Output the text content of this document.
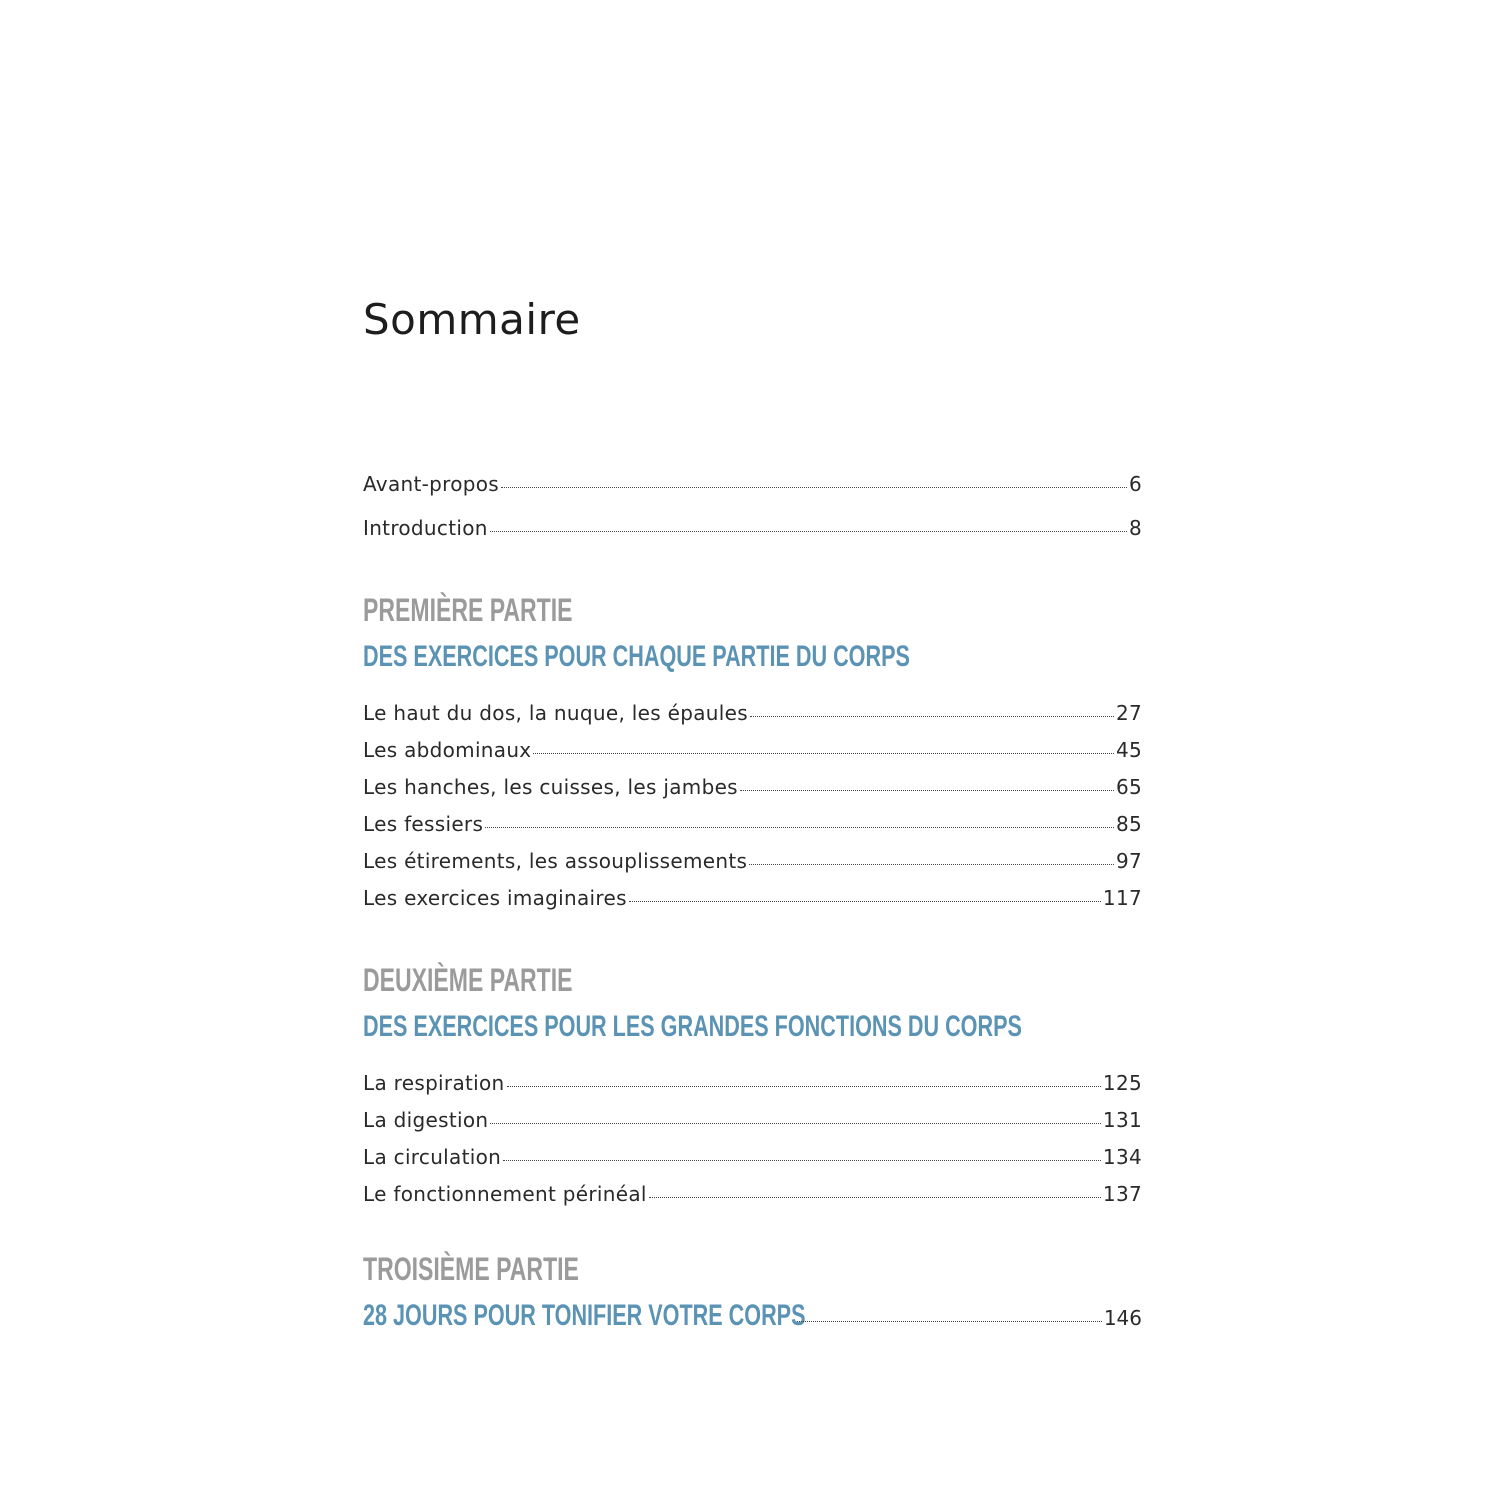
Sommaire
Avant-propos	6
Introduction	8
PREMIÈRE PARTIE
DES EXERCICES POUR CHAQUE PARTIE DU CORPS
Le haut du dos, la nuque, les épaules	27
Les abdominaux	45
Les hanches, les cuisses, les jambes	65
Les fessiers	85
Les étirements, les assouplissements	97
Les exercices imaginaires	117
DEUXIÈME PARTIE
DES EXERCICES POUR LES GRANDES FONCTIONS DU CORPS
La respiration	125
La digestion	131
La circulation	134
Le fonctionnement périnéal	137
TROISIÈME PARTIE
28 JOURS POUR TONIFIER VOTRE CORPS	146
